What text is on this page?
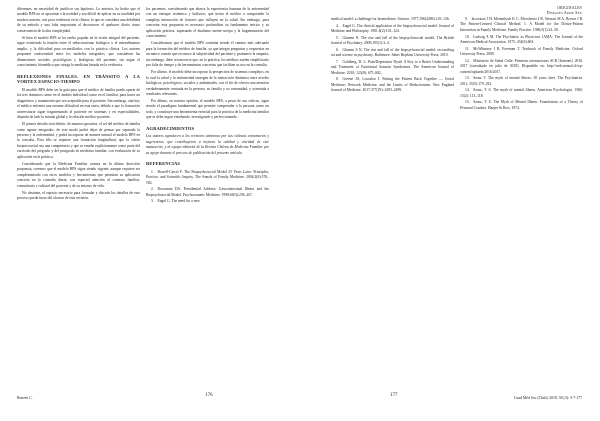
diferentes, en necesidad de justificar sus hipótesis. Lo anterior, ha hecho que el modelo BPS no se aproxime a la realidad y sea difícil de aplicar en su totalidad por muchos autores, con poca evidencia en la clínica; lo que se considera una debilidad de su método y una falta importante al desconocer el quehacer diario como consecuencia de la alta complejidad.

Si bien el modelo BPS se ha vuelto popular en la visión integral del paciente, sigue existiendo la tensión entre el reduccionismo biológico y el entendimiento amplio, y la dificultad para reconciliarlos con la práctica clínica. Los autores proponen conformidad entre los modelos integrados, que consideran las dimensiones sociales, psicológicas y biológicas del paciente, sin negar el conocimiento biomédico que otorga la medicina basada en la evidencia.

REFLEXIONES FINALES. EN TRÁNSITO A LA VORTEX ESPACIO-TIEMPO

El modelo BPS debe ser la guía para que el médico de familia pueda operar de los tres dominios, tanto en el ámbito individual como en el familiar, para hacer un diagnóstico y tratamiento que sea aceptable para el paciente. Sin embargo, aún hoy el médico enfrenta una enorme dificultad en esta tarea, debido a que la formación universitaria sigue fragmentando al paciente en sistemas y en especialidades, dejando de lado la mirada global y la relación médico-paciente.

El primer desafío será definir, de manera operativa, el rol del médico de familia como agente integrador; de este modo podrá dejar de pensar por separado la persona y la enfermedad, y podrá incorporar de manera natural el modelo BPS en la consulta. Para ello se requiere una formación longitudinal, que la visión biopsicosocial sea una competencia y que se enseñe explícitamente como parte del currículo del pregrado y del postgrado en medicina familiar, con evaluación de su aplicación en la práctica.

Considerando que la Medicina Familiar avanza en la última dirección propuesta, creemos que el modelo BPS sigue siendo vigente, aunque requiere ser complementado con otros modelos y herramientas que permitan su aplicación concreta en la consulta diaria, con especial atención al contexto familiar, comunitario y cultural del paciente y de su entorno de vida.

No obstante, el espacio necesario para formular y discutir los detalles de este proceso queda fuera del alcance de esta revisión.

los pacientes, considerando que abarca la experiencia humana de la enfermedad con un enfoque sistémico y holístico, que invita al médico a comprender la compleja interacción de factores que influyen en la salud. Sin embargo, para concretar esta propuesta es necesario profundizar su fundamento teórico y su aplicación práctica, superando el dualismo mente-cuerpo y la fragmentación del conocimiento.

Consideramos que el modelo BPS continúa siendo el camino más adecuado para la formación del médico de familia, ya que integra preguntas y respuestas en un marco común que reconoce la subjetividad del paciente y promueve la empatía; sin embargo, debe reconocerse que, en la práctica, los médicos suelen simplificarlo por falta de tiempo y de herramientas concretas que faciliten su uso en la consulta.

Por último, el modelo debe incorporar la perspectiva de sistemas complejos, en la cual la salud y la enfermedad emergen de la interacción dinámica entre niveles biológicos, psicológicos, sociales y ambientales, con el fin de ofrecer una atención verdaderamente centrada en la persona, su familia y su comunidad, y orientada a resultados relevantes.

Por último, en nuestra opinión, el modelo BPS, a pesar de sus críticas, sigue siendo el paradigma fundamental que permite comprender a la persona como un todo, y constituye una herramienta esencial para la práctica de la medicina familiar que se debe seguir enseñando, investigando y perfeccionando.

AGRADECIMIENTOS

Los autores agradecen a los revisores anónimos por sus valiosos comentarios y sugerencias, que contribuyeron a mejorar la calidad y claridad de este manuscrito, y al equipo editorial de la Revista Chilena de Medicina Familiar por su apoyo durante el proceso de publicación del presente artículo.

REFERENCIAS
1. Borrell-Carrió F. The Biopsychosocial Model 25 Years Later: Principles, Practice, and Scientific Inquiry. The Annals of Family Medicine. 2004;2(6):576–582.
2. Drossman DA. Presidential Address: Gastrointestinal Illness and the Biopsychosocial Model. Psychosomatic Medicine. 1998;60(3):258–267.
3. Engel G. The need for a new
Bonetti C.	176
ORIGINALES
Diseases Arise Sex
medical model: a challenge for biomedicine. Science. 1977;196(4286):129–136.
4. Engel G. The clinical application of the biopsychosocial model. Journal of Medicine and Philosophy. 1981;6(2):101–124.
5. Ghaemi N. The rise and fall of the biopsychosocial model. The British Journal of Psychiatry. 2009;195(1):3–4.
6. Ghaemi S N. The rise and fall of the biopsychosocial model: reconciling art and science in psychiatry. Baltimore: Johns Hopkins University Press; 2010.
7. Goldberg, D. L. Pain/Depression Dyad: A Key to a Better Understanding and Treatment of Functional Somatic Syndromes. The American Journal of Medicine. 2010; 123(8): 675–682.
8. Greene JA, Loscalzo J. Putting the Patient Back Together — Social Medicine, Network Medicine, and the Limits of Reductionism. New England Journal of Medicine. 2017;377(25): 2493–2499.
9. Iacovazzi J H, Mettenbach K C, Movsheviz J R, Stewart M A, Brown J B. The Patient-Centred Clinical Method. 1. A Model for the Doctor-Patient Interaction in Family Medicine. Family Practice. 1986;3(1):24–30.
10. Ludwig A M. The Psychiatric as Physician. JAMA: The Journal of the American Medical Association. 1975; 234(6):603.
11. McWhinney I R, Freeman T. Textbook of Family Medicine. Oxford University Press; 2009.
12. Ministerio de Salud Chile. Primeras orientaciones SCR [Internet]. 2016. 2017 [consultado en julio de 2018]. Disponible en: http://web.minsal.cl/wp-content/uploads/2016/2017.
13. Szasz T. The myth of mental illness: 50 years later. The Psychiatrist. 2011; 35(5):179–182.
14. Szasz, T. S. The myth of mental illness. American Psychologist. 1960; 15(2): 113–118.
15. Szasz, T. S. The Myth of Mental Illness: Foundations of a Theory of Personal Conduct. Harper & Row. 1974.
177	Cuad Méd Soc (Chile) 2018; 58 (3): 3-7-177
